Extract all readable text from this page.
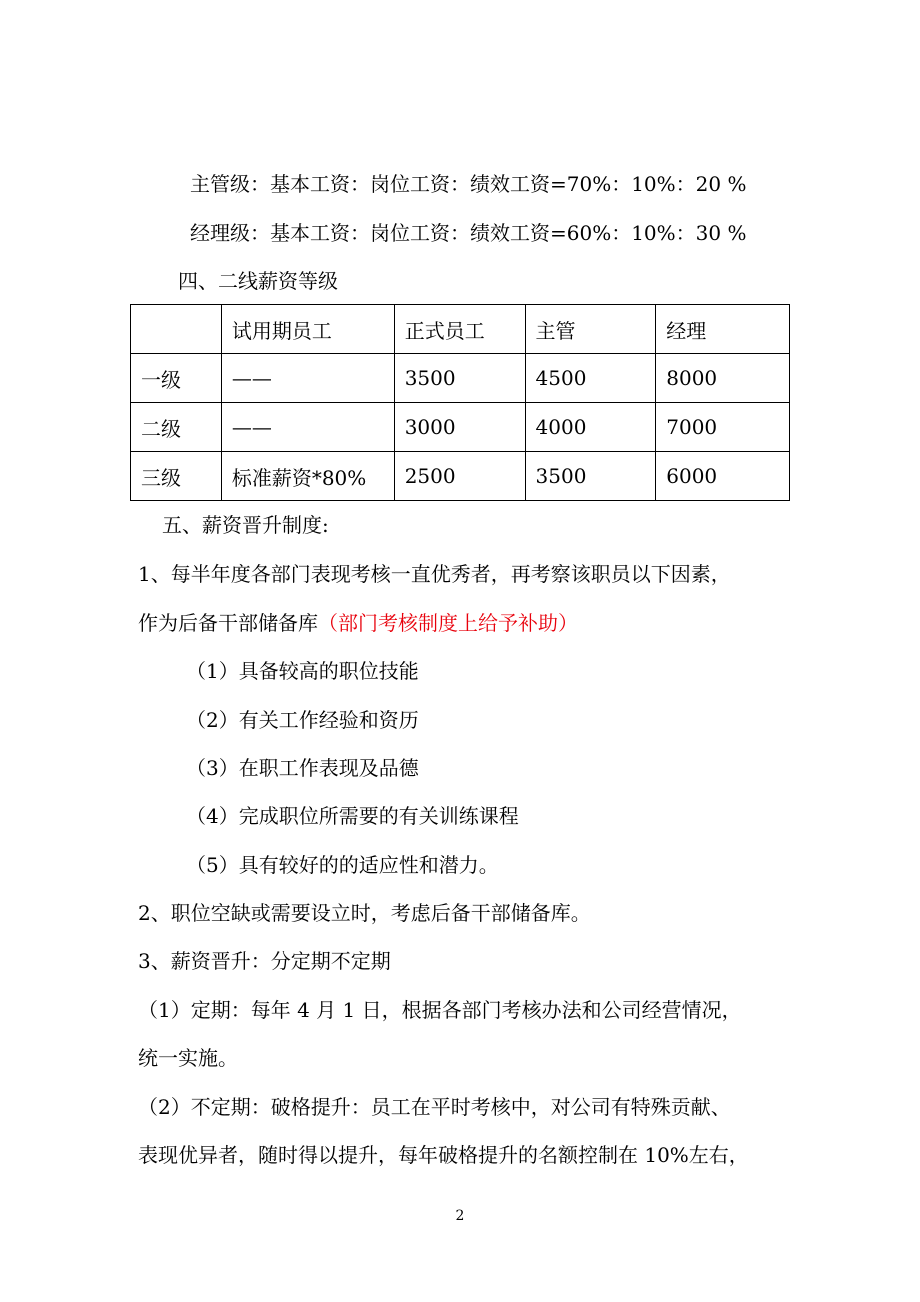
主管级：基本工资：岗位工资：绩效工资=70%：10%：20 %
经理级：基本工资：岗位工资：绩效工资=60%：10%：30 %
四、二线薪资等级
	试用期员工	正式员工	主管	经理
一级	——	3500	4500	8000
二级	——	3000	4000	7000
三级	标准薪资*80%	2500	3500	6000
五、薪资晋升制度:
1、每半年度各部门表现考核一直优秀者，再考察该职员以下因素，
作为后备干部储备库（部门考核制度上给予补助）
（1）具备较高的职位技能
（2）有关工作经验和资历
（3）在职工作表现及品德
（4）完成职位所需要的有关训练课程
（5）具有较好的的适应性和潜力。
2、职位空缺或需要设立时，考虑后备干部储备库。
3、薪资晋升：分定期不定期
（1）定期：每年 4 月 1 日，根据各部门考核办法和公司经营情况，
统一实施。
（2）不定期：破格提升：员工在平时考核中，对公司有特殊贡献、
表现优异者，随时得以提升，每年破格提升的名额控制在 10%左右，
2
